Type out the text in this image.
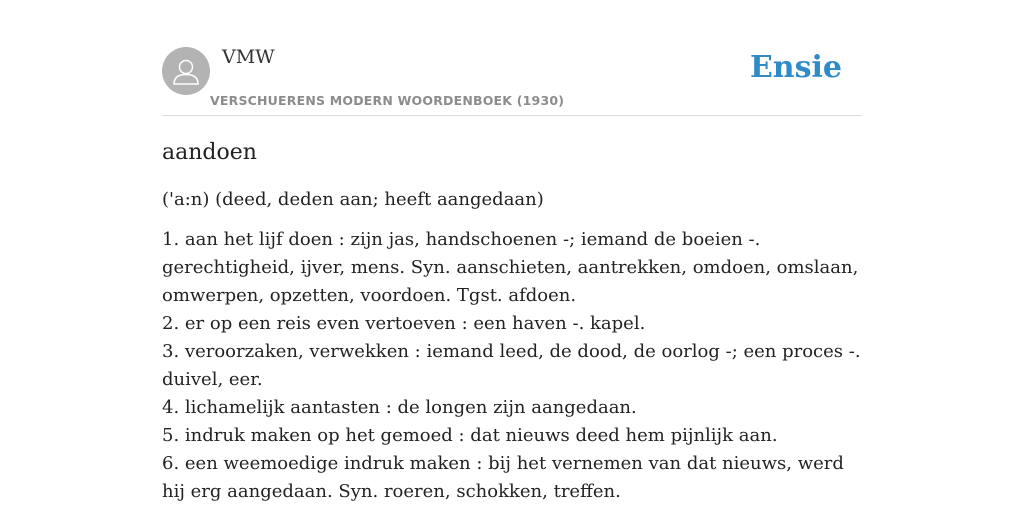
VMW
VERSCHUERENS MODERN WOORDENBOEK (1930)
Ensie
aandoen

('a:n) (deed, deden aan; heeft aangedaan)

1. aan het lijf doen : zijn jas, handschoenen -; iemand de boeien -. gerechtigheid, ijver, mens. Syn. aanschieten, aantrekken, omdoen, omslaan, omwerpen, opzetten, voordoen. Tgst. afdoen.

2. er op een reis even vertoeven : een haven -. kapel.

3. veroorzaken, verwekken : iemand leed, de dood, de oorlog -; een proces -. duivel, eer.

4. lichamelijk aantasten : de longen zijn aangedaan.

5. indruk maken op het gemoed : dat nieuws deed hem pijnlijk aan.

6. een weemoedige indruk maken : bij het vernemen van dat nieuws, werd hij erg aangedaan. Syn. roeren, schokken, treffen.
